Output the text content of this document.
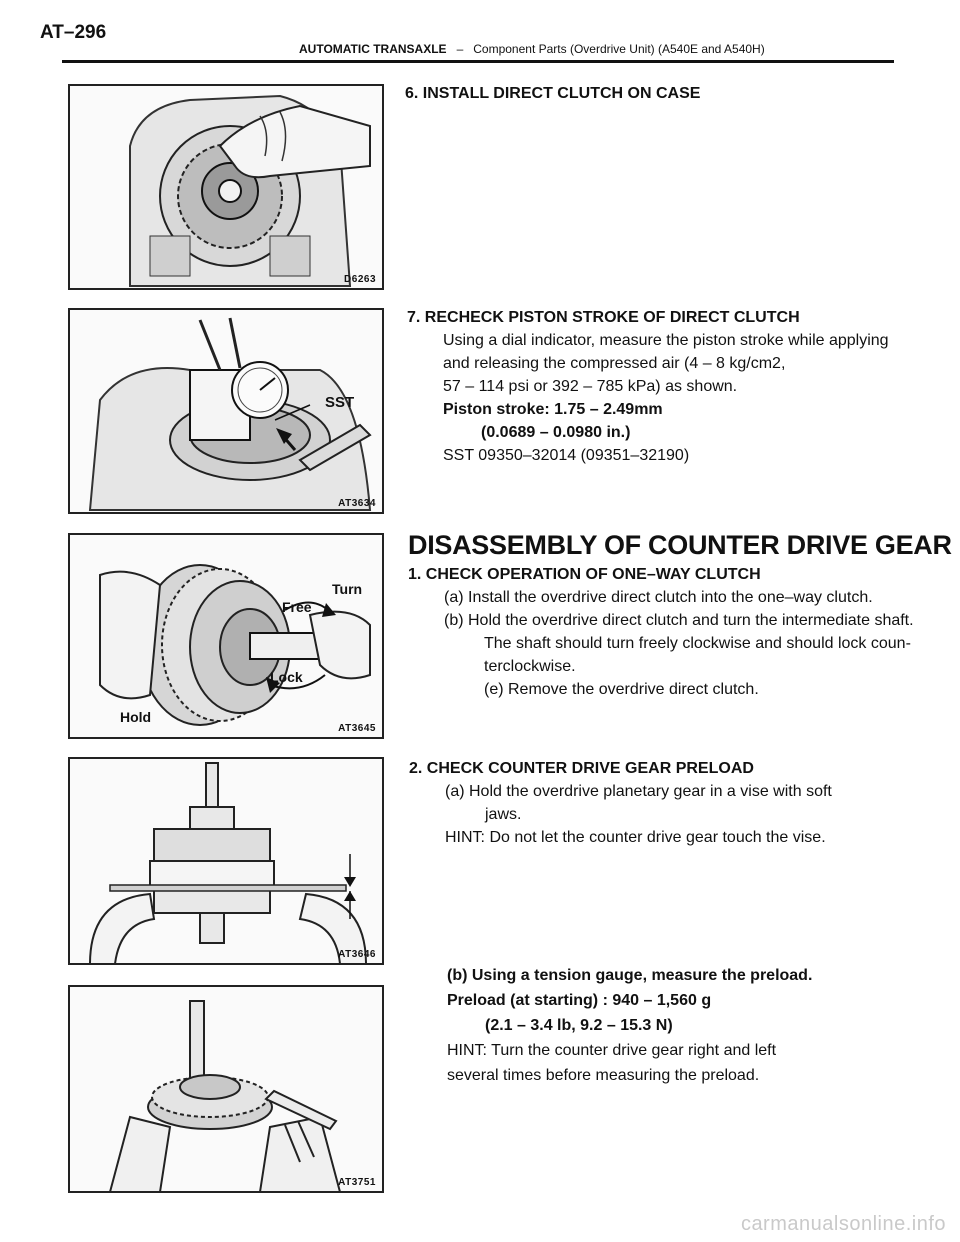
AT–296
AUTOMATIC TRANSAXLE – Component Parts (Overdrive Unit) (A540E and A540H)
D6263
SST
AT3634
Turn
Free
Lock
Hold
AT3645
AT3646
AT3751
6. INSTALL DIRECT CLUTCH ON CASE
7. RECHECK PISTON STROKE OF DIRECT CLUTCH
Using a dial indicator, measure the piston stroke while applying
and releasing the compressed air (4 – 8 kg/cm2,
57 – 114 psi or 392 – 785 kPa) as shown.
Piston stroke: 1.75 – 2.49mm
(0.0689 – 0.0980 in.)
SST 09350–32014 (09351–32190)
DISASSEMBLY OF COUNTER DRIVE GEAR
1. CHECK OPERATION OF ONE–WAY CLUTCH
(a) Install the overdrive direct clutch into the one–way clutch.
(b) Hold the overdrive direct clutch and turn the intermediate shaft.
The shaft should turn freely clockwise and should lock coun-
terclockwise.
(e) Remove the overdrive direct clutch.
2. CHECK COUNTER DRIVE GEAR PRELOAD
(a) Hold the overdrive planetary gear in a vise with soft
jaws.
HINT: Do not let the counter drive gear touch the vise.
(b) Using a tension gauge, measure the preload.
Preload (at starting) : 940 – 1,560 g
(2.1 – 3.4 lb, 9.2 – 15.3 N)
HINT: Turn the counter drive gear right and left
several times before measuring the preload.
carmanualsonline.info
